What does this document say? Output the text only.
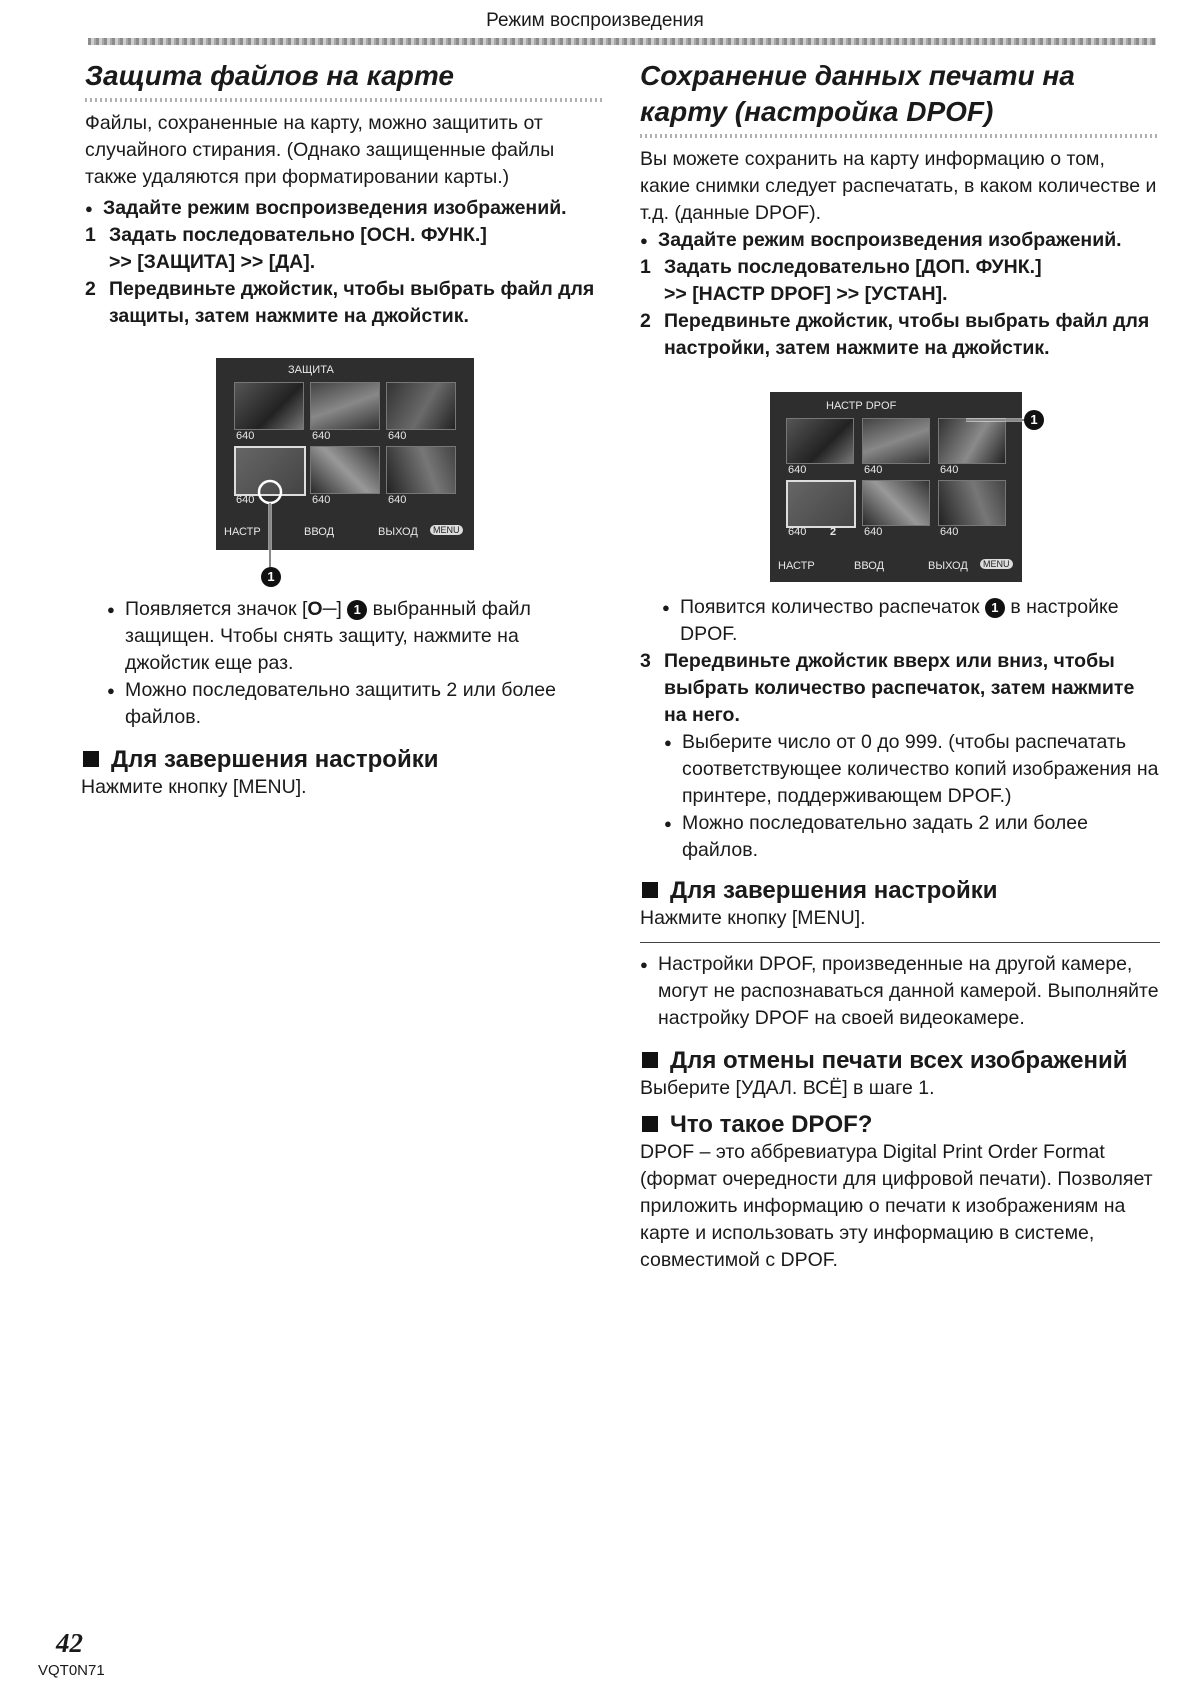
Режим воспроизведения
Защита файлов на карте

Файлы, сохраненные на карту, можно защитить от случайного стирания. (Однако защищенные файлы также удаляются при форматировании карты.)

● Задайте режим воспроизведения изображений.
1 Задать последовательно [ОСН. ФУНК.]
>> [ЗАЩИТА] >> [ДА].
2 Передвиньте джойстик, чтобы выбрать файл для защиты, затем нажмите на джойстик.
ЗАЩИТА
640	640	640
640	640	640
НАСТР	ВВОД	ВЫХОД	MENU
1
● Появляется значок [O─] 1 выбранный файл защищен. Чтобы снять защиту, нажмите на джойстик еще раз.
● Можно последовательно защитить 2 или более файлов.
Для завершения настройки

Нажмите кнопку [MENU].

Сохранение данных печати на карту (настройка DPOF)

Вы можете сохранить на карту информацию о том, какие снимки следует распечатать, в каком количестве и т.д. (данные DPOF).

● Задайте режим воспроизведения изображений.
1 Задать последовательно [ДОП. ФУНК.]
>> [НАСТР DPOF] >> [УСТАН].
2 Передвиньте джойстик, чтобы выбрать файл для настройки, затем нажмите на джойстик.
НАСТР DPOF
640	640	640
640 2	640	640
НАСТР	ВВОД	ВЫХОД	MENU
1
● Появится количество распечаток 1 в настройке DPOF.
3 Передвиньте джойстик вверх или вниз, чтобы выбрать количество распечаток, затем нажмите на него.
● Выберите число от 0 до 999. (чтобы распечатать соответствующее количество копий изображения на принтере, поддерживающем DPOF.)
● Можно последовательно задать 2 или более файлов.
Для завершения настройки

Нажмите кнопку [MENU].

● Настройки DPOF, произведенные на другой камере, могут не распознаваться данной камерой. Выполняйте настройку DPOF на своей видеокамере.
Для отмены печати всех изображений

Выберите [УДАЛ. ВСЁ] в шаге 1.

Что такое DPOF?

DPOF – это аббревиатура Digital Print Order Format (формат очередности для цифровой печати). Позволяет приложить информацию о печати к изображениям на карте и использовать эту информацию в системе, совместимой с DPOF.

42
VQT0N71
